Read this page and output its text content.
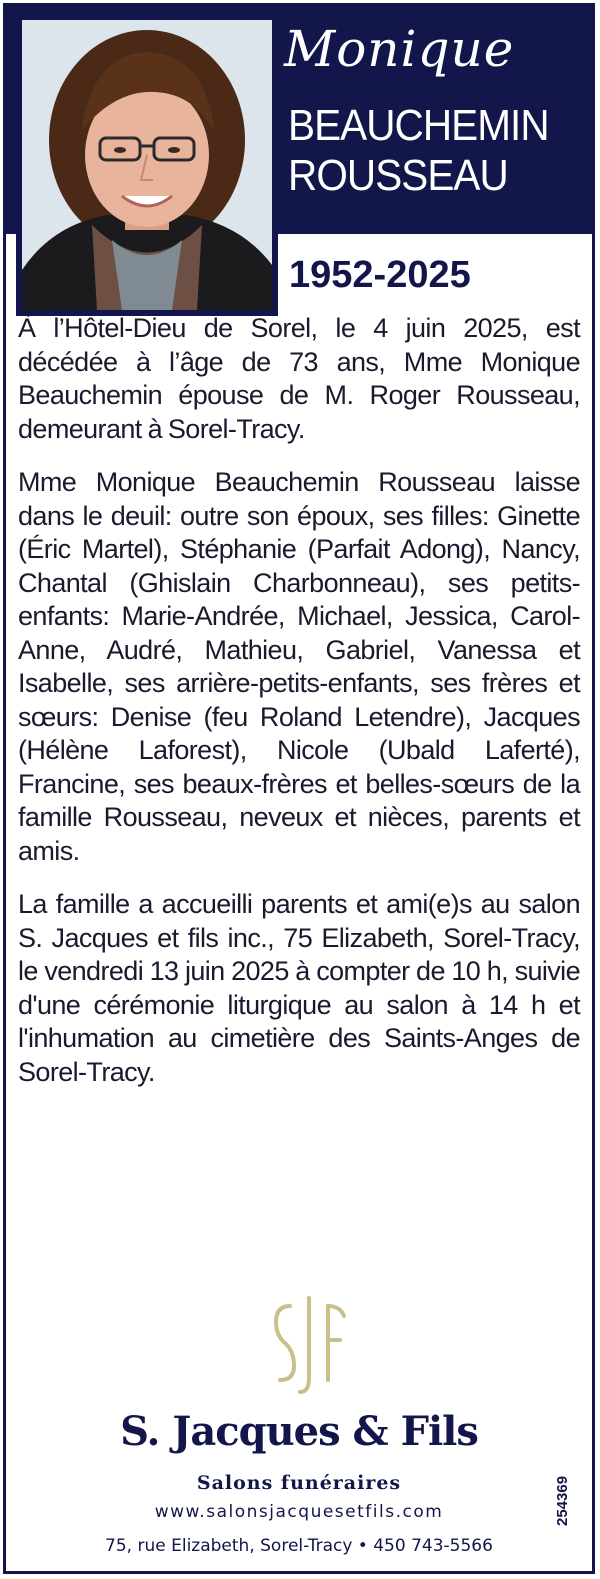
Monique
BEAUCHEMIN
ROUSSEAU
1952-2025

À l’Hôtel-Dieu de Sorel, le 4 juin 2025, est décédée à l’âge de 73 ans, Mme Monique Beauchemin épouse de M. Roger Rousseau, demeurant à Sorel-Tracy.

Mme Monique Beauchemin Rousseau laisse dans le deuil: outre son époux, ses filles: Ginette (Éric Martel), Stéphanie (Parfait Adong), Nancy, Chantal (Ghislain Charbonneau), ses petits-enfants: Marie-Andrée, Michael, Jessica, Carol-Anne, Audré, Mathieu, Gabriel, Vanessa et Isabelle, ses arrière-petits-enfants, ses frères et sœurs: Denise (feu Roland Letendre), Jacques (Hélène Laforest), Nicole (Ubald Laferté), Francine, ses beaux-frères et belles-sœurs de la famille Rousseau, neveux et nièces, parents et amis.

La famille a accueilli parents et ami(e)s au salon S. Jacques et fils inc., 75 Elizabeth, Sorel-Tracy, le vendredi 13 juin 2025 à compter de 10 h, suivie d'une cérémonie liturgique au salon à 14 h et l'inhumation au cimetière des Saints-Anges de Sorel-Tracy.

S. Jacques & Fils
Salons funéraires
www.salonsjacquesetfils.com
75, rue Elizabeth, Sorel-Tracy • 450 743-5566
254369
